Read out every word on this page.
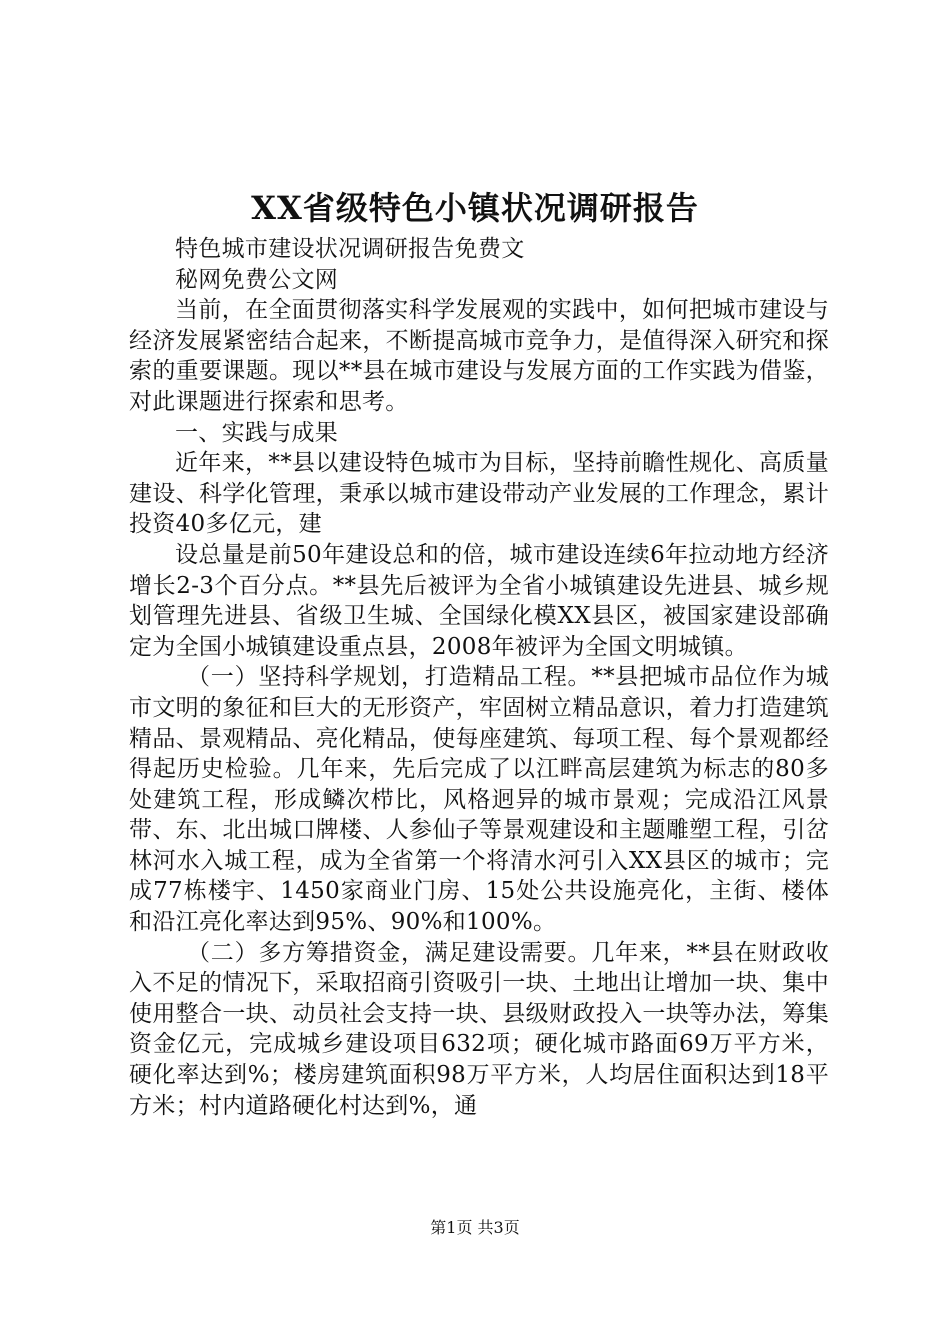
XX省级特色小镇状况调研报告

特色城市建设状况调研报告免费文

秘网免费公文网

当前，在全面贯彻落实科学发展观的实践中，如何把城市建设与经济发展紧密结合起来，不断提高城市竞争力，是值得深入研究和探索的重要课题。现以**县在城市建设与发展方面的工作实践为借鉴，对此课题进行探索和思考。

一、实践与成果

近年来，**县以建设特色城市为目标，坚持前瞻性规化、高质量建设、科学化管理，秉承以城市建设带动产业发展的工作理念，累计投资40多亿元，建

设总量是前50年建设总和的倍，城市建设连续6年拉动地方经济增长2-3个百分点。**县先后被评为全省小城镇建设先进县、城乡规划管理先进县、省级卫生城、全国绿化模XX县区，被国家建设部确定为全国小城镇建设重点县，2008年被评为全国文明城镇。

（一）坚持科学规划，打造精品工程。**县把城市品位作为城市文明的象征和巨大的无形资产，牢固树立精品意识，着力打造建筑精品、景观精品、亮化精品，使每座建筑、每项工程、每个景观都经得起历史检验。几年来，先后完成了以江畔高层建筑为标志的80多处建筑工程，形成鳞次栉比，风格迥异的城市景观；完成沿江风景带、东、北出城口牌楼、人参仙子等景观建设和主题雕塑工程，引岔林河水入城工程，成为全省第一个将清水河引入XX县区的城市；完成77栋楼宇、1450家商业门房、15处公共设施亮化，主街、楼体和沿江亮化率达到95%、90%和100%。

（二）多方筹措资金，满足建设需要。几年来，**县在财政收入不足的情况下，采取招商引资吸引一块、土地出让增加一块、集中使用整合一块、动员社会支持一块、县级财政投入一块等办法，筹集资金亿元，完成城乡建设项目632项；硬化城市路面69万平方米，硬化率达到%；楼房建筑面积98万平方米，人均居住面积达到18平方米；村内道路硬化村达到%，通

第1页 共3页
